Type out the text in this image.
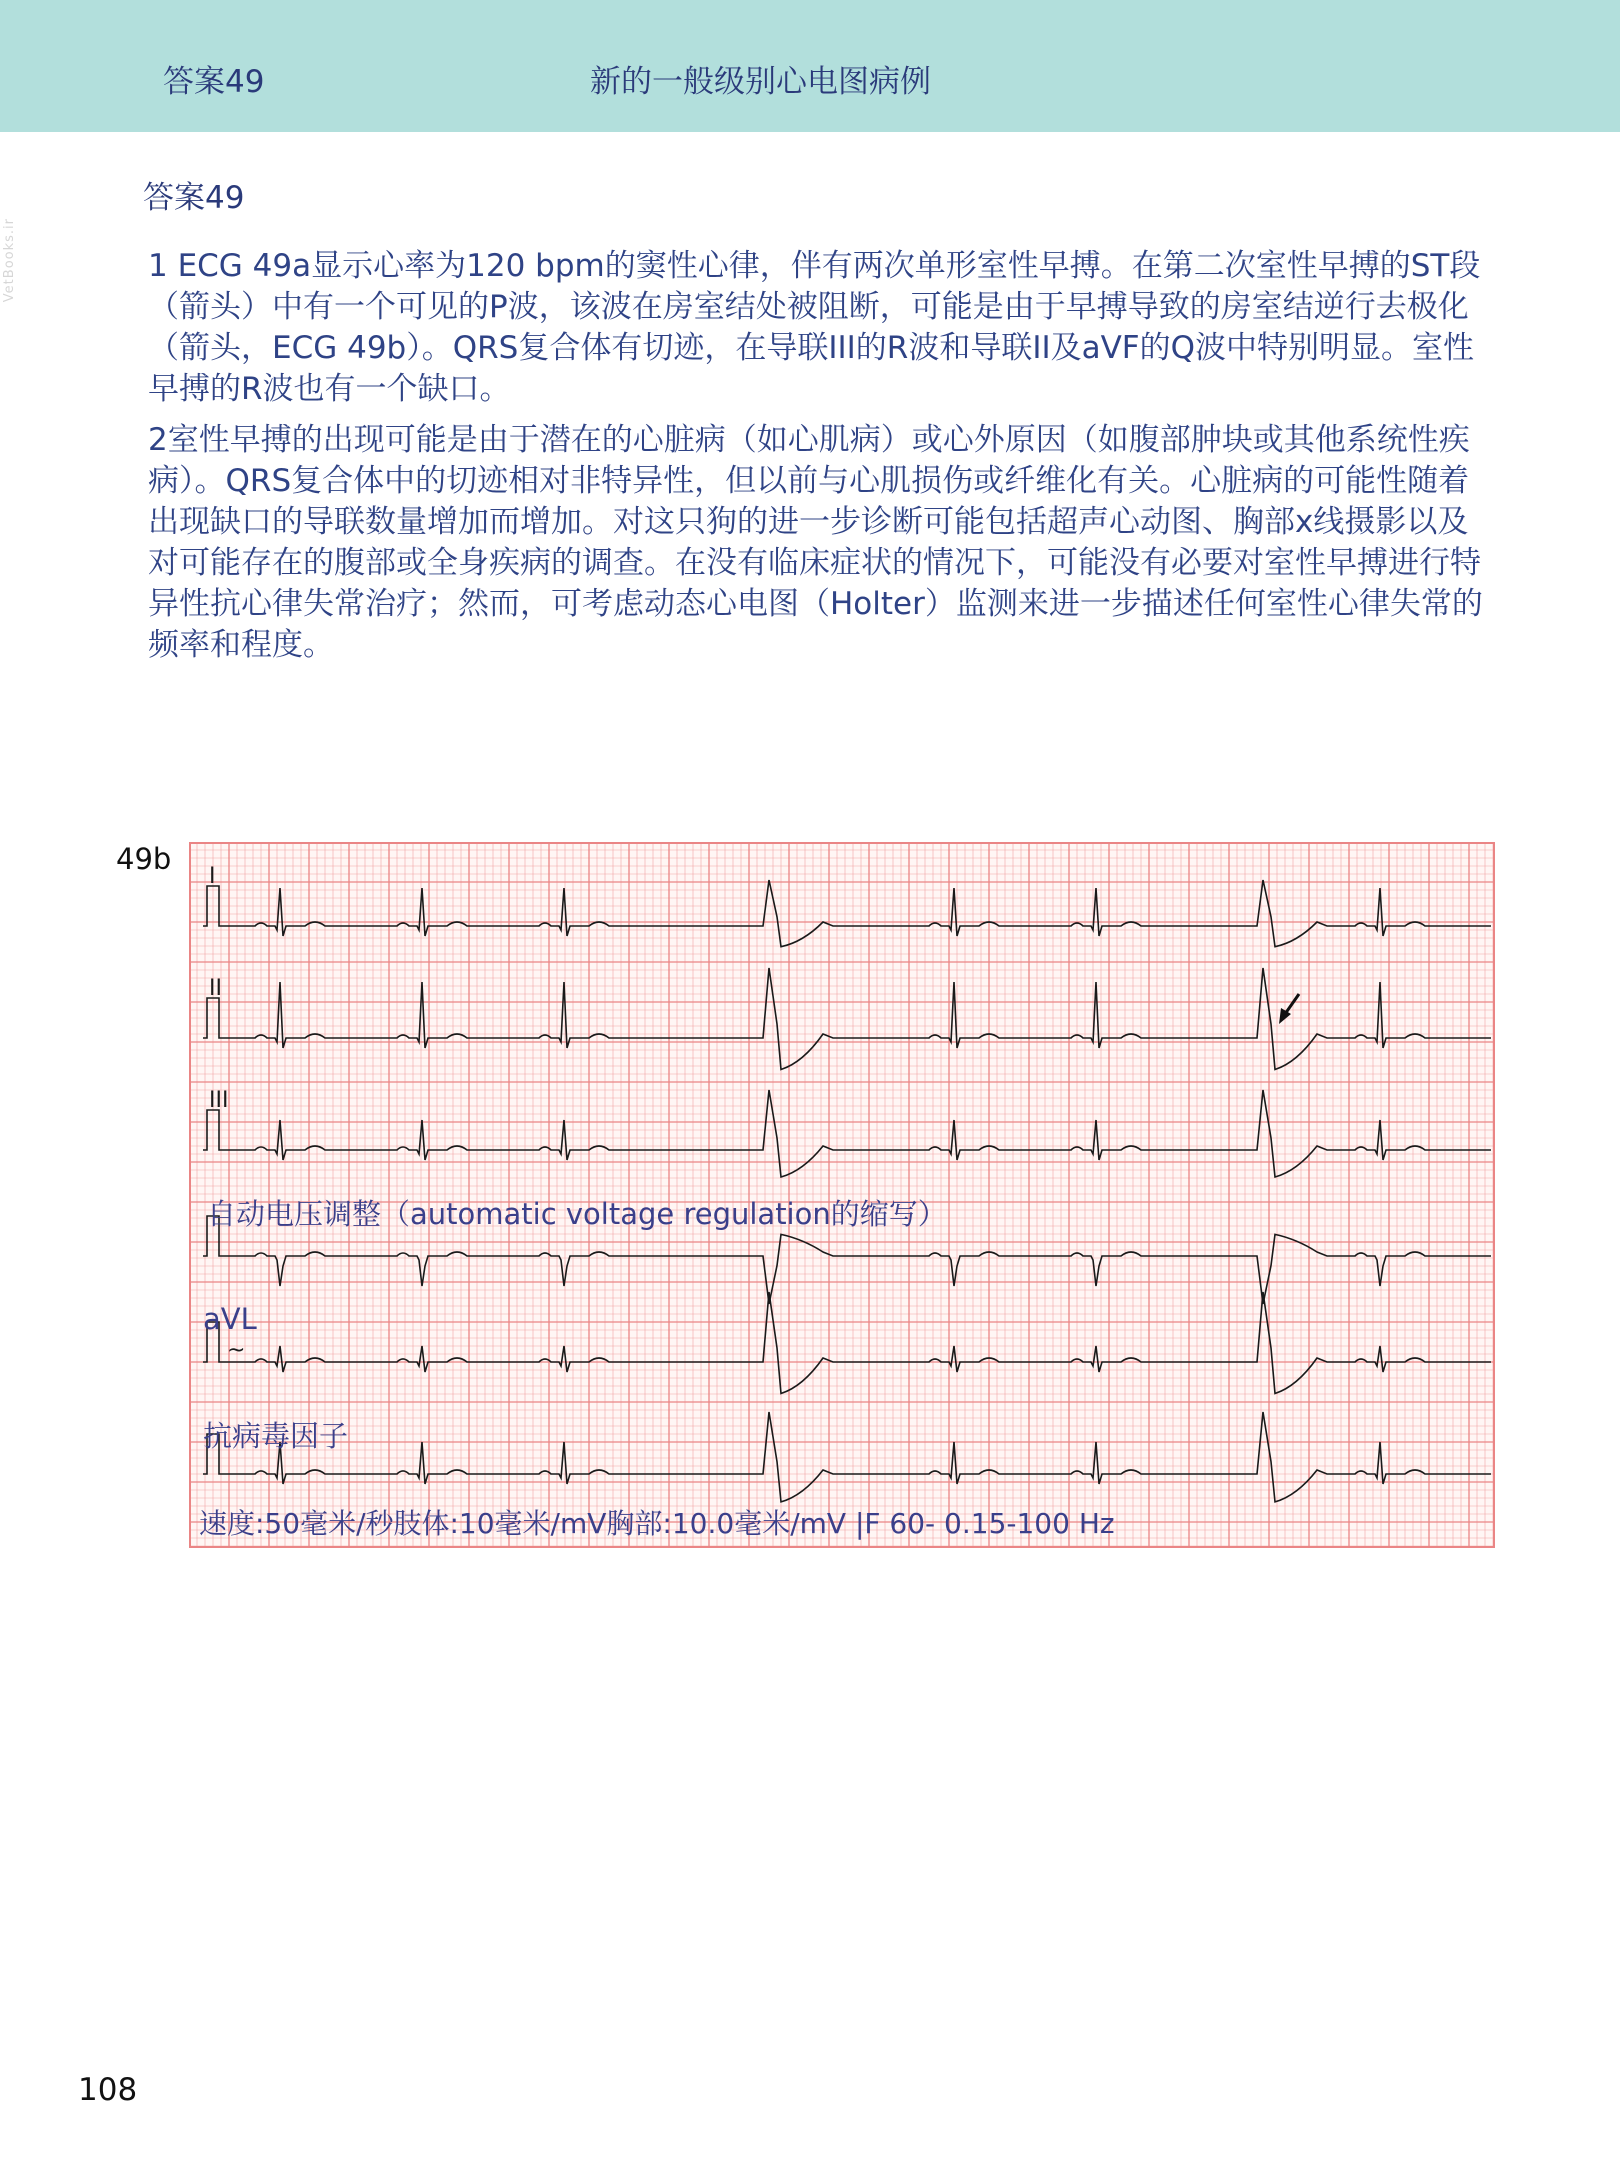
答案49	新的一般级别心电图病例
VetBooks.ir
答案49

1 ECG 49a显示心率为120 bpm的窦性心律，伴有两次单形室性早搏。在第二次室性早搏的ST段（箭头）中有一个可见的P波，该波在房室结处被阻断，可能是由于早搏导致的房室结逆行去极化（箭头，ECG 49b）。QRS复合体有切迹，在导联III的R波和导联II及aVF的Q波中特别明显。室性早搏的R波也有一个缺口。

2室性早搏的出现可能是由于潜在的心脏病（如心肌病）或心外原因（如腹部肿块或其他系统性疾病）。QRS复合体中的切迹相对非特异性，但以前与心肌损伤或纤维化有关。心脏病的可能性随着出现缺口的导联数量增加而增加。对这只狗的进一步诊断可能包括超声心动图、胸部x线摄影以及对可能存在的腹部或全身疾病的调查。在没有临床症状的情况下，可能没有必要对室性早搏进行特异性抗心律失常治疗；然而，可考虑动态心电图（Holter）监测来进一步描述任何室性心律失常的频率和程度。

49b
I
II
III
自动电压调整（automatic voltage regulation的缩写）
aVL
~
抗病毒因子
速度:50毫米/秒肢体:10毫米/mV胸部:10.0毫米/mV |F 60- 0.15-100 Hz
108
